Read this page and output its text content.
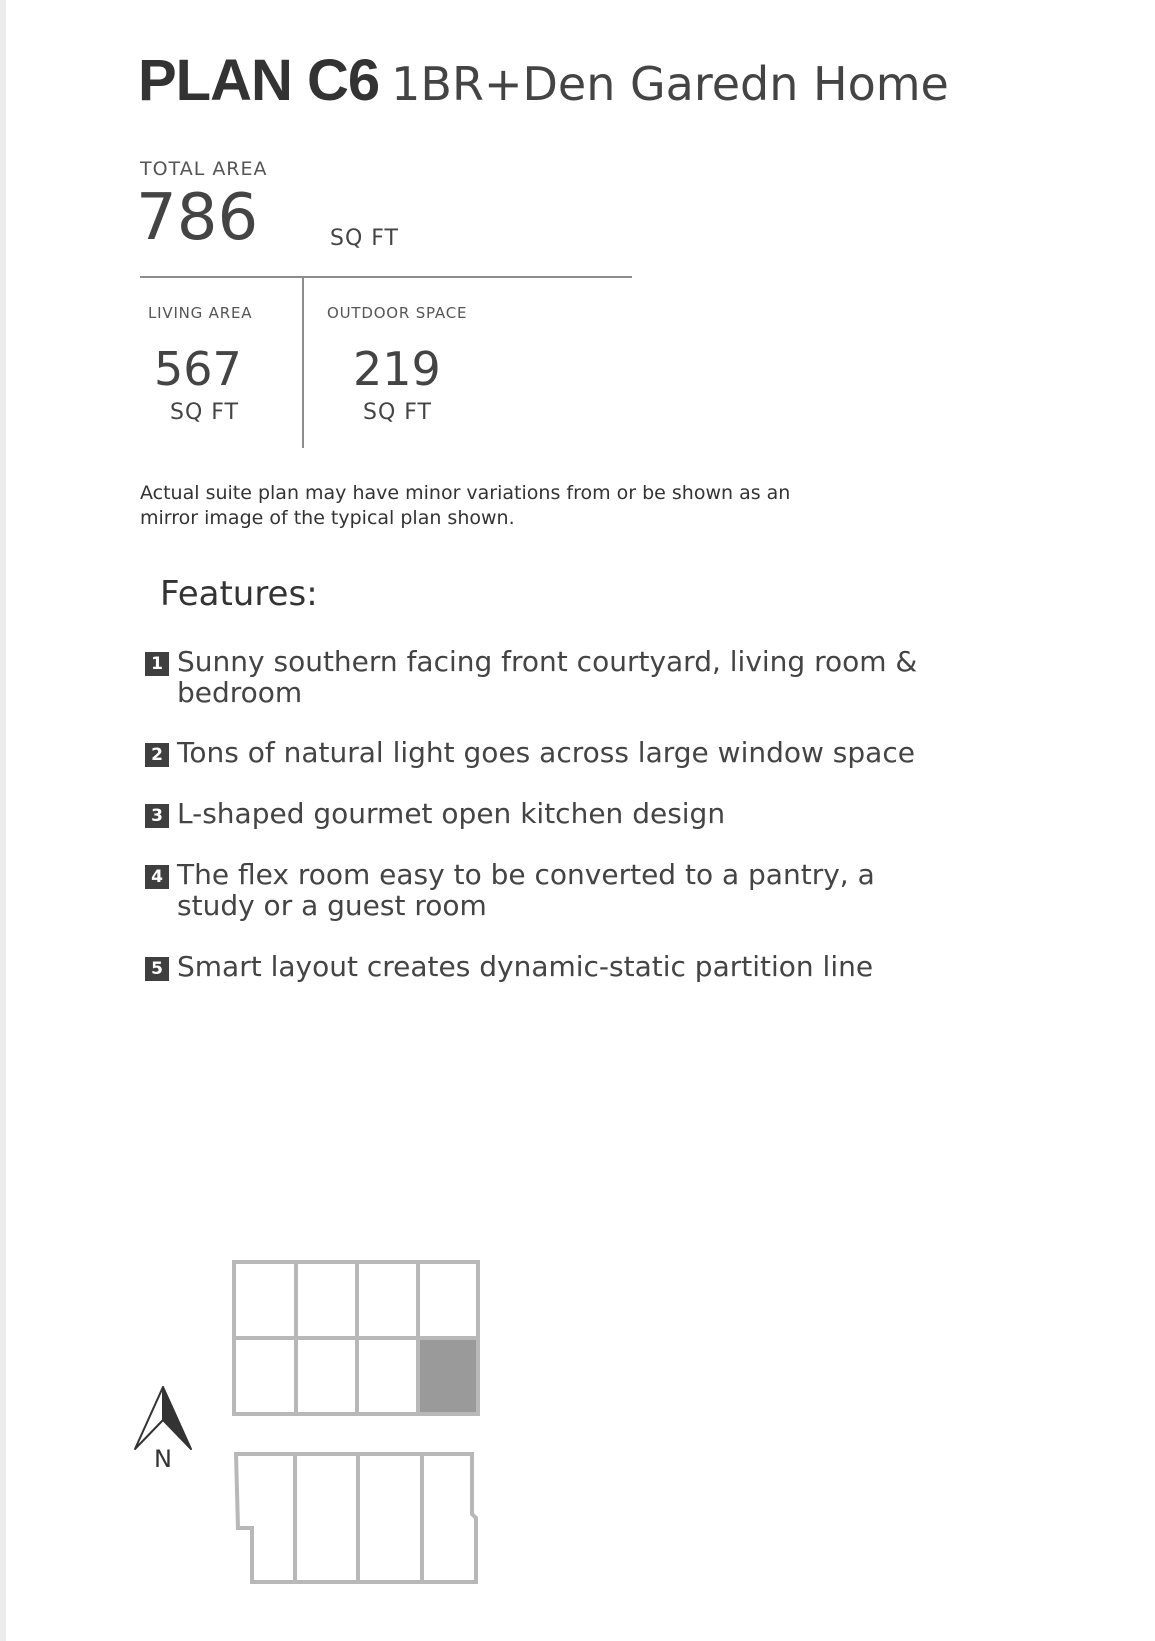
PLAN C6 1BR+Den Garedn Home
TOTAL AREA
786	SQ FT
LIVING AREA
567
SQ FT
OUTDOOR SPACE
219
SQ FT

Actual suite plan may have minor variations from or be shown as an mirror image of the typical plan shown.

Features:
1 Sunny southern facing front courtyard, living room & bedroom
2 Tons of natural light goes across large window space
3 L-shaped gourmet open kitchen design
4 The flex room easy to be converted to a pantry, a study or a guest room
5 Smart layout creates dynamic-static partition line
N
